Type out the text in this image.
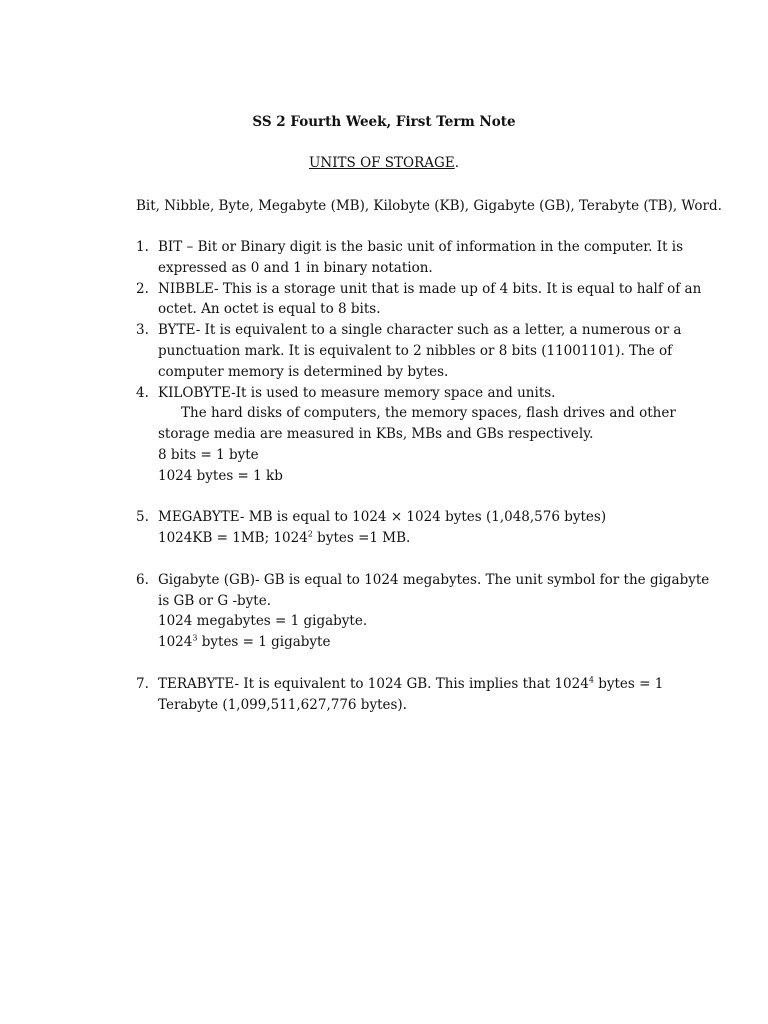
SS 2 Fourth Week, First Term Note
UNITS OF STORAGE.
Bit, Nibble, Byte, Megabyte (MB), Kilobyte (KB), Gigabyte (GB), Terabyte (TB), Word.
1. BIT – Bit or Binary digit is the basic unit of information in the computer. It is
expressed as 0 and 1 in binary notation.
2. NIBBLE- This is a storage unit that is made up of 4 bits. It is equal to half of an
octet. An octet is equal to 8 bits.
3. BYTE- It is equivalent to a single character such as a letter, a numerous or a
punctuation mark. It is equivalent to 2 nibbles or 8 bits (11001101). The of
computer memory is determined by bytes.
4. KILOBYTE-It is used to measure memory space and units.
The hard disks of computers, the memory spaces, flash drives and other
storage media are measured in KBs, MBs and GBs respectively.
8 bits = 1 byte
1024 bytes = 1 kb
5. MEGABYTE- MB is equal to 1024 × 1024 bytes (1,048,576 bytes)
1024KB = 1MB; 1024$^2$ bytes =1 MB.
6. Gigabyte (GB)- GB is equal to 1024 megabytes. The unit symbol for the gigabyte
is GB or G -byte.
1024 megabytes = 1 gigabyte.
1024$^3$ bytes = 1 gigabyte
7. TERABYTE- It is equivalent to 1024 GB. This implies that 1024$^4$ bytes = 1
Terabyte (1,099,511,627,776 bytes).
